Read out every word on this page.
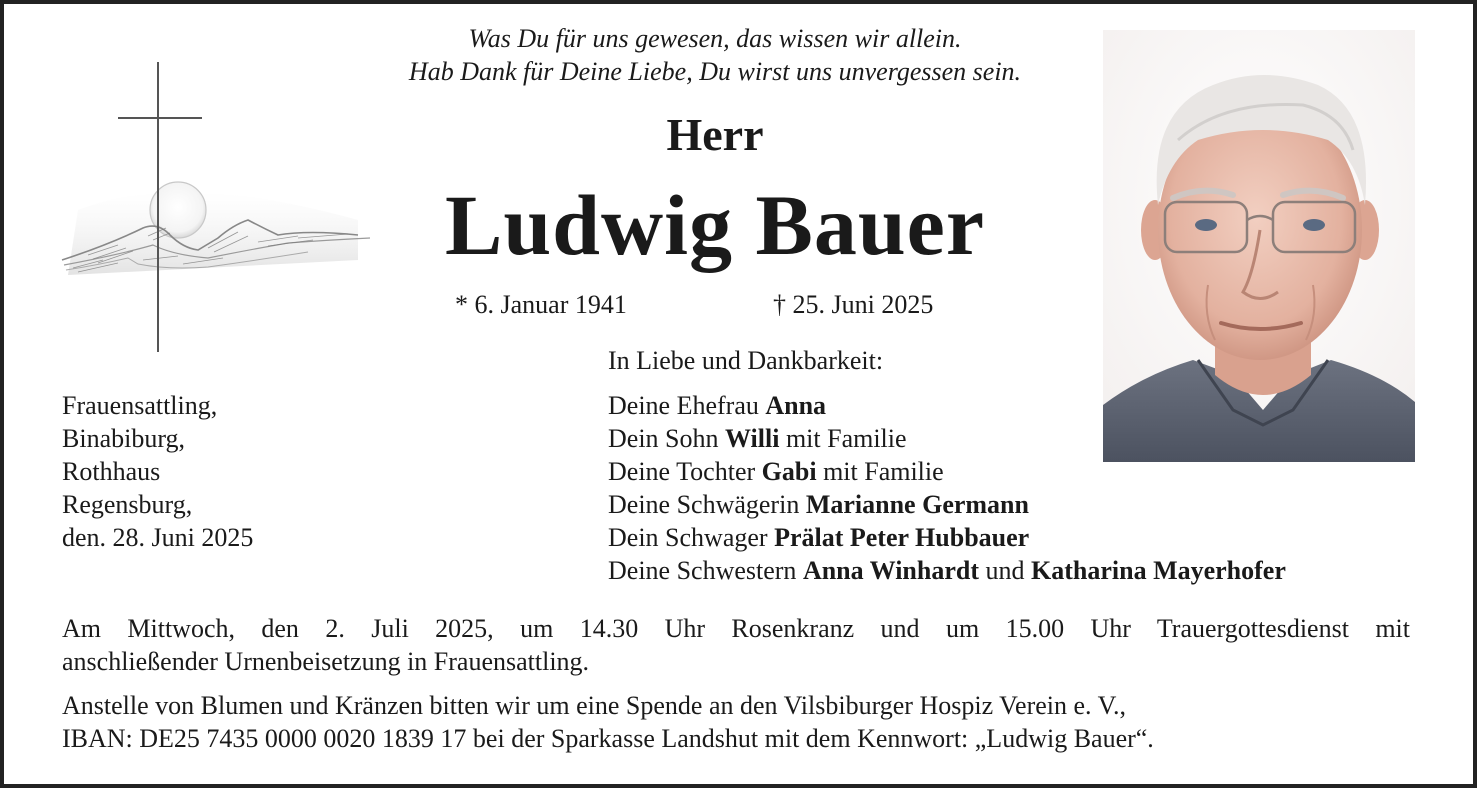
Was Du für uns gewesen, das wissen wir allein.
Hab Dank für Deine Liebe, Du wirst uns unvergessen sein.
Herr
Ludwig Bauer
* 6. Januar 1941	† 25. Juni 2025
Frauensattling,
Binabiburg,
Rothhaus
Regensburg,
den. 28. Juni 2025
In Liebe und Dankbarkeit:
Deine Ehefrau Anna
Dein Sohn Willi mit Familie
Deine Tochter Gabi mit Familie
Deine Schwägerin Marianne Germann
Dein Schwager Prälat Peter Hubbauer
Deine Schwestern Anna Winhardt und Katharina Mayerhofer
Am Mittwoch, den 2. Juli 2025, um 14.30 Uhr Rosenkranz und um 15.00 Uhr Trauergottesdienst mit
anschließender Urnenbeisetzung in Frauensattling.
Anstelle von Blumen und Kränzen bitten wir um eine Spende an den Vilsbiburger Hospiz Verein e. V.,
IBAN: DE25 7435 0000 0020 1839 17 bei der Sparkasse Landshut mit dem Kennwort: „Ludwig Bauer“.
